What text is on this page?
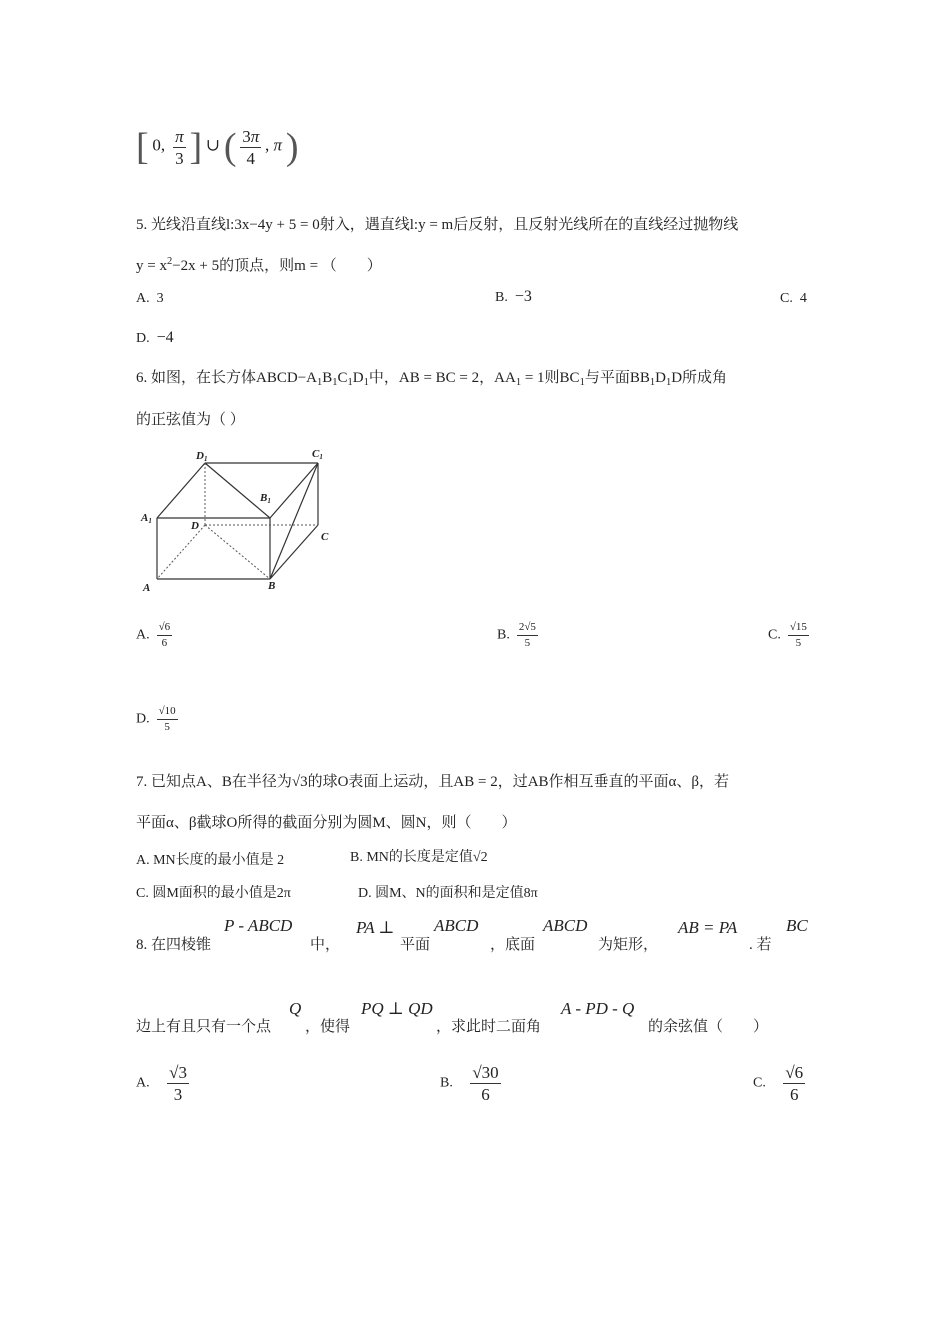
[ 0, $\frac{\pi}{3}$ ] ∪ ( $\frac{3\pi}{4}$ , π )
5. 光线沿直线l:3x−4y + 5 = 0射入，遇直线l:y = m后反射，且反射光线所在的直线经过抛物线
$y = x^2-2x + 5$的顶点，则m = （　　）
A. 3	B. −3	C. 4
D. −4
6. 如图，在长方体$ABCD-A_1B_1C_1D_1$中，AB = BC = 2，$AA_1 = 1$则$BC_1$与平面$BB_1D_1D$所成角
的正弦值为（ ）
D1	C1
B1
A1	D
C
A	B
A. $\frac{√6}{6}$	B. $\frac{2√5}{5}$	C. $\frac{√15}{5}$
D. $\frac{√10}{5}$
7. 已知点A、B在半径为√3的球O表面上运动，且AB = 2，过AB作相互垂直的平面α、β，若
平面α、β截球O所得的截面分别为圆M、圆N，则（　　）
A. MN长度的最小值是 2	B. MN的长度是定值√2
C. 圆M面积的最小值是2π	D. 圆M、N的面积和是定值8π
8. 在四棱锥
P - ABCD
中，
PA ⊥
平面
ABCD
，底面
ABCD
为矩形，
AB = PA
. 若
BC
边上有且只有一个点
Q
，使得
PQ ⊥ QD
，求此时二面角
A - PD - Q
的余弦值（　　）
A. $\frac{√3}{3}$	B. $\frac{√30}{6}$	C. $\frac{√6}{6}$
